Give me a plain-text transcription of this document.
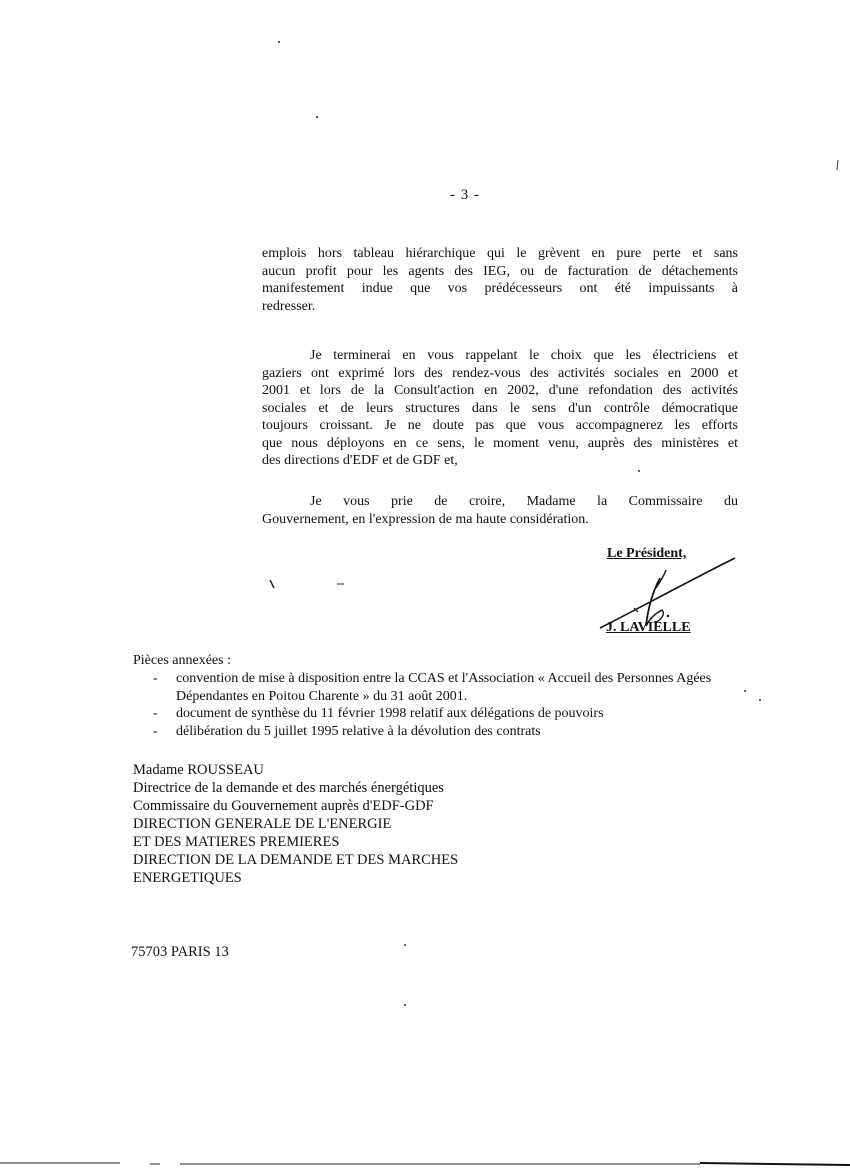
- 3 -
emplois hors tableau hiérarchique qui le grèvent en pure perte et sans
aucun profit pour les agents des IEG, ou de facturation de détachements
manifestement indue que vos prédécesseurs ont été impuissants à
redresser.
Je terminerai en vous rappelant le choix que les électriciens et
gaziers ont exprimé lors des rendez-vous des activités sociales en 2000 et
2001 et lors de la Consult'action en 2002, d'une refondation des activités
sociales et de leurs structures dans le sens d'un contrôle démocratique
toujours croissant. Je ne doute pas que vous accompagnerez les efforts
que nous déployons en ce sens, le moment venu, auprès des ministères et
des directions d'EDF et de GDF et,
Je vous prie de croire, Madame la Commissaire du
Gouvernement, en l'expression de ma haute considération.
Le Président,
J. LAVIELLE
Pièces annexées :
- convention de mise à disposition entre la CCAS et l'Association « Accueil des Personnes Agées Dépendantes en Poitou Charente » du 31 août 2001.
- document de synthèse du 11 février 1998 relatif aux délégations de pouvoirs
- délibération du 5 juillet 1995 relative à la dévolution des contrats
Madame ROUSSEAU
Directrice de la demande et des marchés énergétiques
Commissaire du Gouvernement auprès d'EDF-GDF
DIRECTION GENERALE DE L'ENERGIE
ET DES MATIERES PREMIERES
DIRECTION DE LA DEMANDE ET DES MARCHES
ENERGETIQUES
75703 PARIS 13
